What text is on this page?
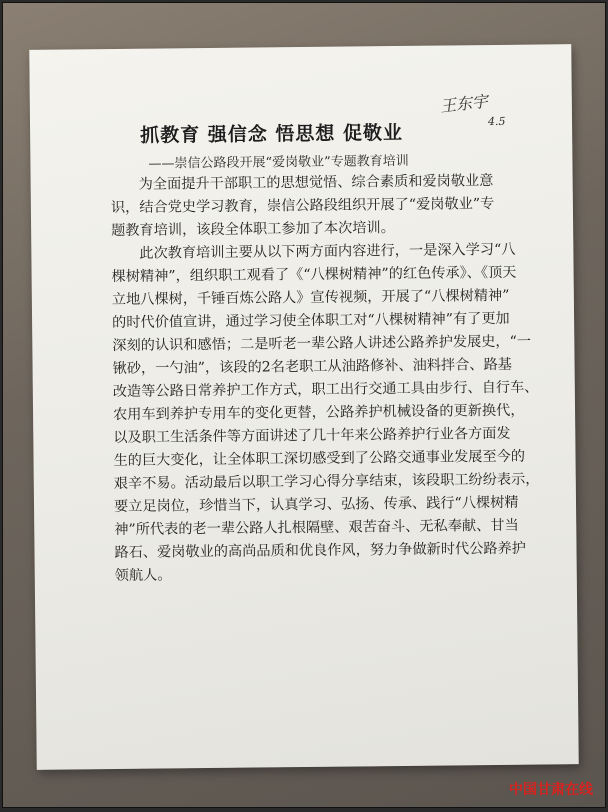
王东宇
4.5
抓教育 强信念 悟思想 促敬业
——崇信公路段开展“爱岗敬业”专题教育培训
为全面提升干部职工的思想觉悟、综合素质和爱岗敬业意
识，结合党史学习教育，崇信公路段组织开展了“爱岗敬业”专
题教育培训，该段全体职工参加了本次培训。
此次教育培训主要从以下两方面内容进行，一是深入学习“八
棵树精神”，组织职工观看了《“八棵树精神”的红色传承》、《顶天
立地八棵树，千锤百炼公路人》宣传视频，开展了“八棵树精神”
的时代价值宣讲，通过学习使全体职工对“八棵树精神”有了更加
深刻的认识和感悟；二是听老一辈公路人讲述公路养护发展史，“一
锹砂，一勺油”，该段的2名老职工从油路修补、油料拌合、路基
改造等公路日常养护工作方式，职工出行交通工具由步行、自行车、
农用车到养护专用车的变化更替，公路养护机械设备的更新换代，
以及职工生活条件等方面讲述了几十年来公路养护行业各方面发
生的巨大变化，让全体职工深切感受到了公路交通事业发展至今的
艰辛不易。活动最后以职工学习心得分享结束，该段职工纷纷表示，
要立足岗位，珍惜当下，认真学习、弘扬、传承、践行“八棵树精
神”所代表的老一辈公路人扎根隔壁、艰苦奋斗、无私奉献、甘当
路石、爱岗敬业的高尚品质和优良作风，努力争做新时代公路养护
领航人。
中国甘肃在线
